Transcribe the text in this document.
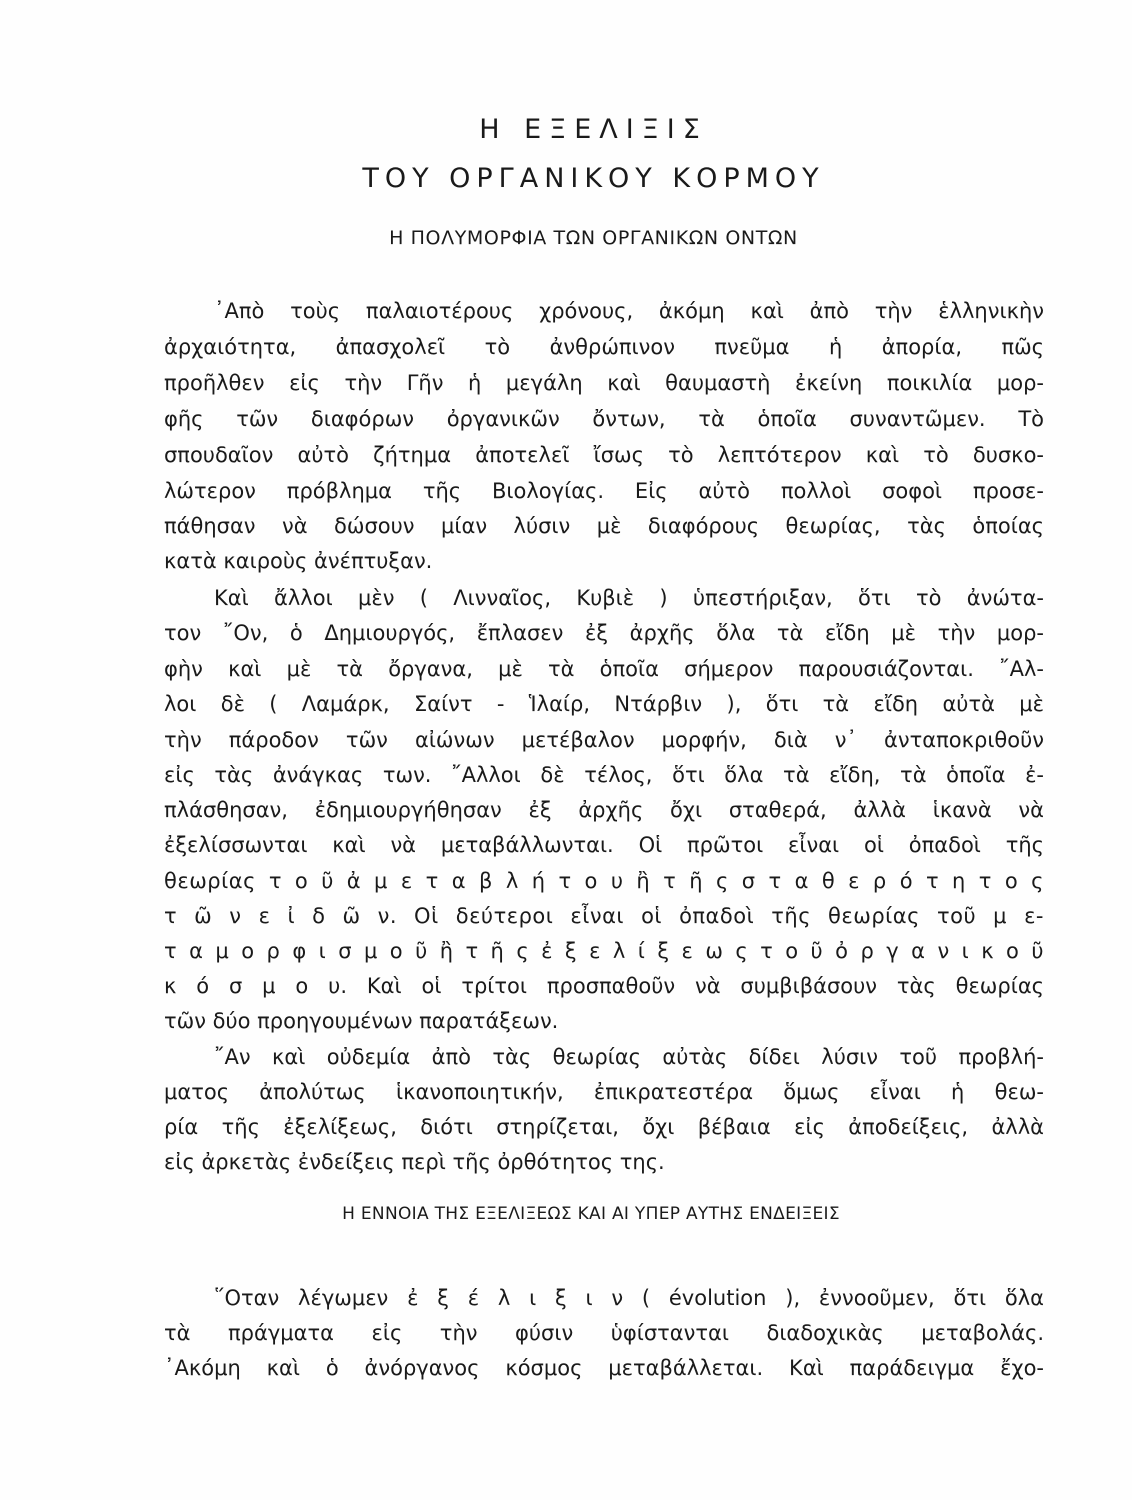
Η ΕΞΕΛΙΞΙΣ
ΤΟΥ ΟΡΓΑΝΙΚΟΥ ΚΟΡΜΟΥ
Η ΠΟΛΥΜΟΡΦΙΑ ΤΩΝ ΟΡΓΑΝΙΚΩΝ ΟΝΤΩΝ
᾿Απὸ τοὺς παλαιοτέρους χρόνους, ἀκόμη καὶ ἀπὸ τὴν ἑλληνικὴν
ἀρχαιότητα, ἀπασχολεῖ τὸ ἀνθρώπινον πνεῦμα ἡ ἀπορία, πῶς
προῆλθεν εἰς τὴν Γῆν ἡ μεγάλη καὶ θαυμαστὴ ἐκείνη ποικιλία μορ-
φῆς τῶν διαφόρων ὀργανικῶν ὄντων, τὰ ὁποῖα συναντῶμεν. Τὸ
σπουδαῖον αὐτὸ ζήτημα ἀποτελεῖ ἴσως τὸ λεπτότερον καὶ τὸ δυσκο-
λώτερον πρόβλημα τῆς Βιολογίας. Εἰς αὐτὸ πολλοὶ σοφοὶ προσε-
πάθησαν νὰ δώσουν μίαν λύσιν μὲ διαφόρους θεωρίας, τὰς ὁποίας
κατὰ καιροὺς ἀνέπτυξαν.
Καὶ ἄλλοι μὲν ( Λινναῖος, Κυβιὲ ) ὑπεστήριξαν, ὅτι τὸ ἀνώτα-
τον ῎Ον, ὁ Δημιουργός, ἔπλασεν ἐξ ἀρχῆς ὅλα τὰ εἴδη μὲ τὴν μορ-
φὴν καὶ μὲ τὰ ὄργανα, μὲ τὰ ὁποῖα σήμερον παρουσιάζονται. ῎Αλ-
λοι δὲ ( Λαμάρκ, Σαίντ - Ἱλαίρ, Ντάρβιν ), ὅτι τὰ εἴδη αὐτὰ μὲ
τὴν πάροδον τῶν αἰώνων μετέβαλον μορφήν, διὰ ν᾿ ἀνταποκριθοῦν
εἰς τὰς ἀνάγκας των. ῎Αλλοι δὲ τέλος, ὅτι ὅλα τὰ εἴδη, τὰ ὁποῖα ἐ-
πλάσθησαν, ἐδημιουργήθησαν ἐξ ἀρχῆς ὄχι σταθερά, ἀλλὰ ἱκανὰ νὰ
ἐξελίσσωνται καὶ νὰ μεταβάλλωνται. Οἱ πρῶτοι εἶναι οἱ ὀπαδοὶ τῆς
θεωρίας τ ο ῦ ἀ μ ε τ α β λ ή τ ο υ ἢ τ ῆ ς σ τ α θ ε ρ ό τ η τ ο ς
τ ῶ ν ε ἰ δ ῶ ν. Οἱ δεύτεροι εἶναι οἱ ὀπαδοὶ τῆς θεωρίας τοῦ μ ε-
τ α μ ο ρ φ ι σ μ ο ῦ ἢ τ ῆ ς ἐ ξ ε λ ί ξ ε ω ς τ ο ῦ ὀ ρ γ α ν ι κ ο ῦ
κ ό σ μ ο υ. Καὶ οἱ τρίτοι προσπαθοῦν νὰ συμβιβάσουν τὰς θεωρίας
τῶν δύο προηγουμένων παρατάξεων.
῎Αν καὶ οὐδεμία ἀπὸ τὰς θεωρίας αὐτὰς δίδει λύσιν τοῦ προβλή-
ματος ἀπολύτως ἱκανοποιητικήν, ἐπικρατεστέρα ὅμως εἶναι ἡ θεω-
ρία τῆς ἐξελίξεως, διότι στηρίζεται, ὄχι βέβαια εἰς ἀποδείξεις, ἀλλὰ
εἰς ἀρκετὰς ἐνδείξεις περὶ τῆς ὀρθότητος της.
Η ΕΝΝΟΙΑ ΤΗΣ ΕΞΕΛΙΞΕΩΣ ΚΑΙ ΑΙ ΥΠΕΡ ΑΥΤΗΣ ΕΝΔΕΙΞΕΙΣ
῞Οταν λέγωμεν ἐ ξ έ λ ι ξ ι ν ( évolution ), ἐννοοῦμεν, ὅτι ὅλα
τὰ πράγματα εἰς τὴν φύσιν ὑφίστανται διαδοχικὰς μεταβολάς.
᾿Ακόμη καὶ ὁ ἀνόργανος κόσμος μεταβάλλεται. Καὶ παράδειγμα ἔχο-
